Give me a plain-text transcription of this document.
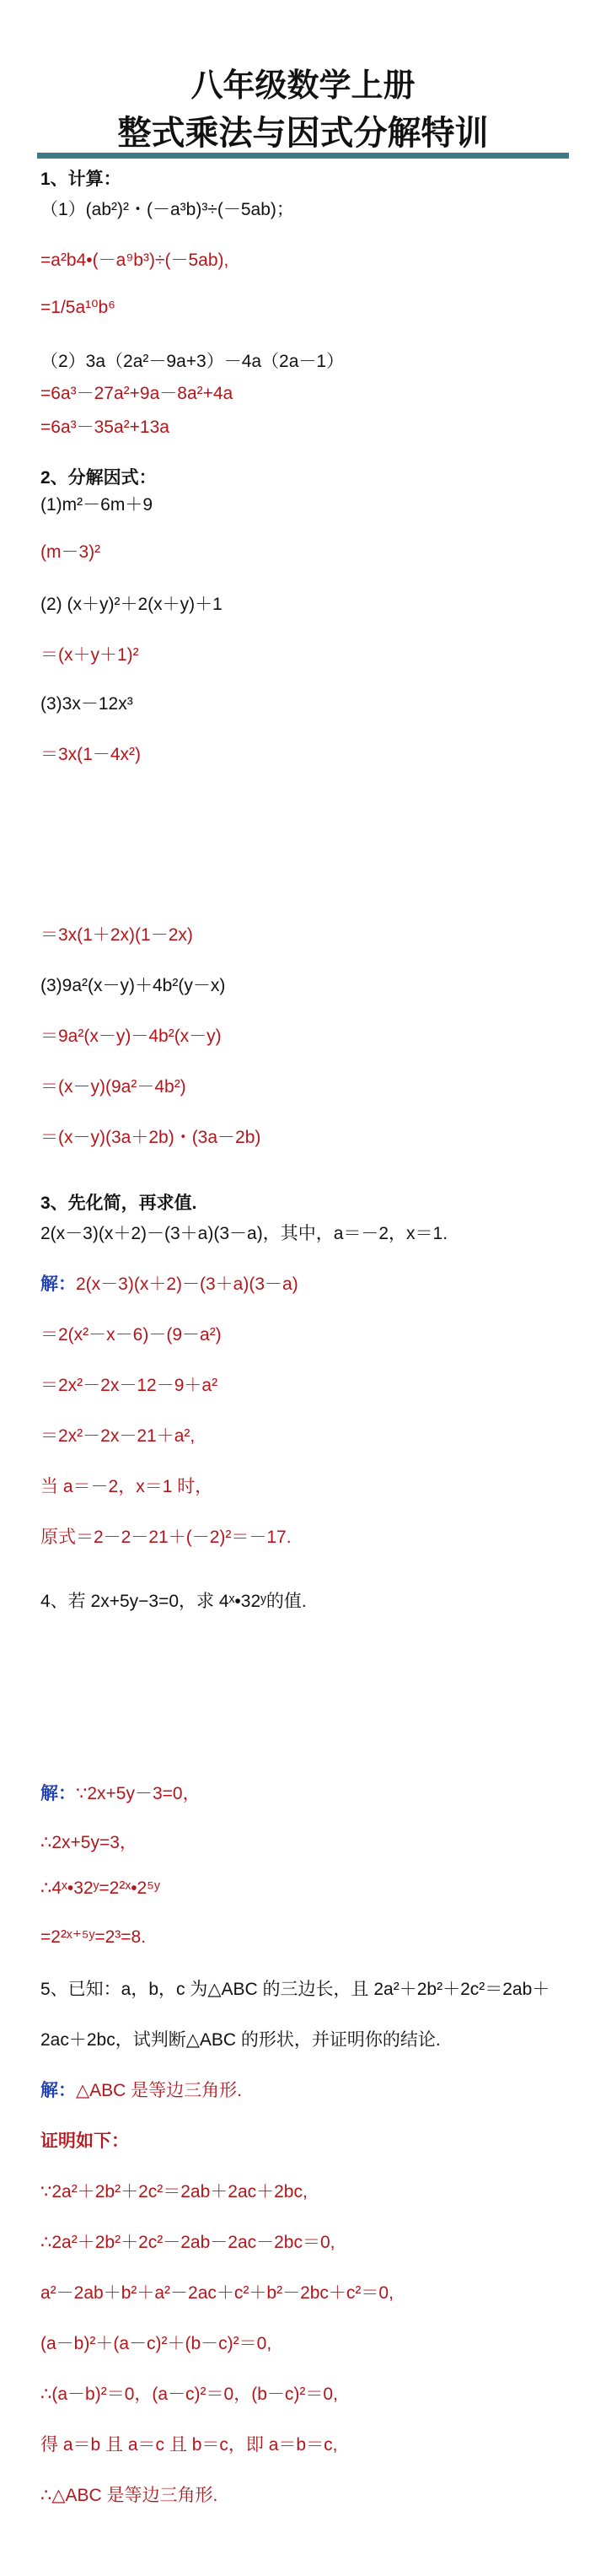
八年级数学上册
整式乘法与因式分解特训
1、计算：
（1）(ab²)²・(－a³b)³÷(－5ab)；
=a²b4•(－a⁹b³)÷(－5ab),
=1/5a¹⁰b⁶
（2）3a（2a²－9a+3）－4a（2a－1）
=6a³－27a²+9a－8a²+4a
=6a³－35a²+13a
2、分解因式：
(1)m²－6m＋9
(m－3)²
(2) (x＋y)²＋2(x＋y)＋1
＝(x＋y＋1)²
(3)3x－12x³
＝3x(1－4x²)
＝3x(1＋2x)(1－2x)
(3)9a²(x－y)＋4b²(y－x)
＝9a²(x－y)－4b²(x－y)
＝(x－y)(9a²－4b²)
＝(x－y)(3a＋2b)・(3a－2b)
3、先化简，再求值.
2(x－3)(x＋2)－(3＋a)(3－a)，其中，a＝－2，x＝1.
解：2(x－3)(x＋2)－(3＋a)(3－a)
＝2(x²－x－6)－(9－a²)
＝2x²－2x－12－9＋a²
＝2x²－2x－21＋a²,
当 a＝－2，x＝1 时，
原式＝2－2－21＋(－2)²＝－17.
4、若 2x+5y−3=0，求 4ˣ•32ʸ的值.
解：∵2x+5y－3=0，
∴2x+5y=3，
∴4ˣ•32ʸ=2²ˣ•2⁵ʸ
=2²ˣ⁺⁵ʸ=2³=8.
5、已知：a，b，c 为△ABC 的三边长，且 2a²＋2b²＋2c²＝2ab＋
2ac＋2bc，试判断△ABC 的形状，并证明你的结论.
解：△ABC 是等边三角形.
证明如下：
∵2a²＋2b²＋2c²＝2ab＋2ac＋2bc,
∴2a²＋2b²＋2c²－2ab－2ac－2bc＝0,
a²－2ab＋b²＋a²－2ac＋c²＋b²－2bc＋c²＝0,
(a－b)²＋(a－c)²＋(b－c)²＝0,
∴(a－b)²＝0，(a－c)²＝0，(b－c)²＝0,
得 a＝b 且 a＝c 且 b＝c，即 a＝b＝c,
∴△ABC 是等边三角形.
